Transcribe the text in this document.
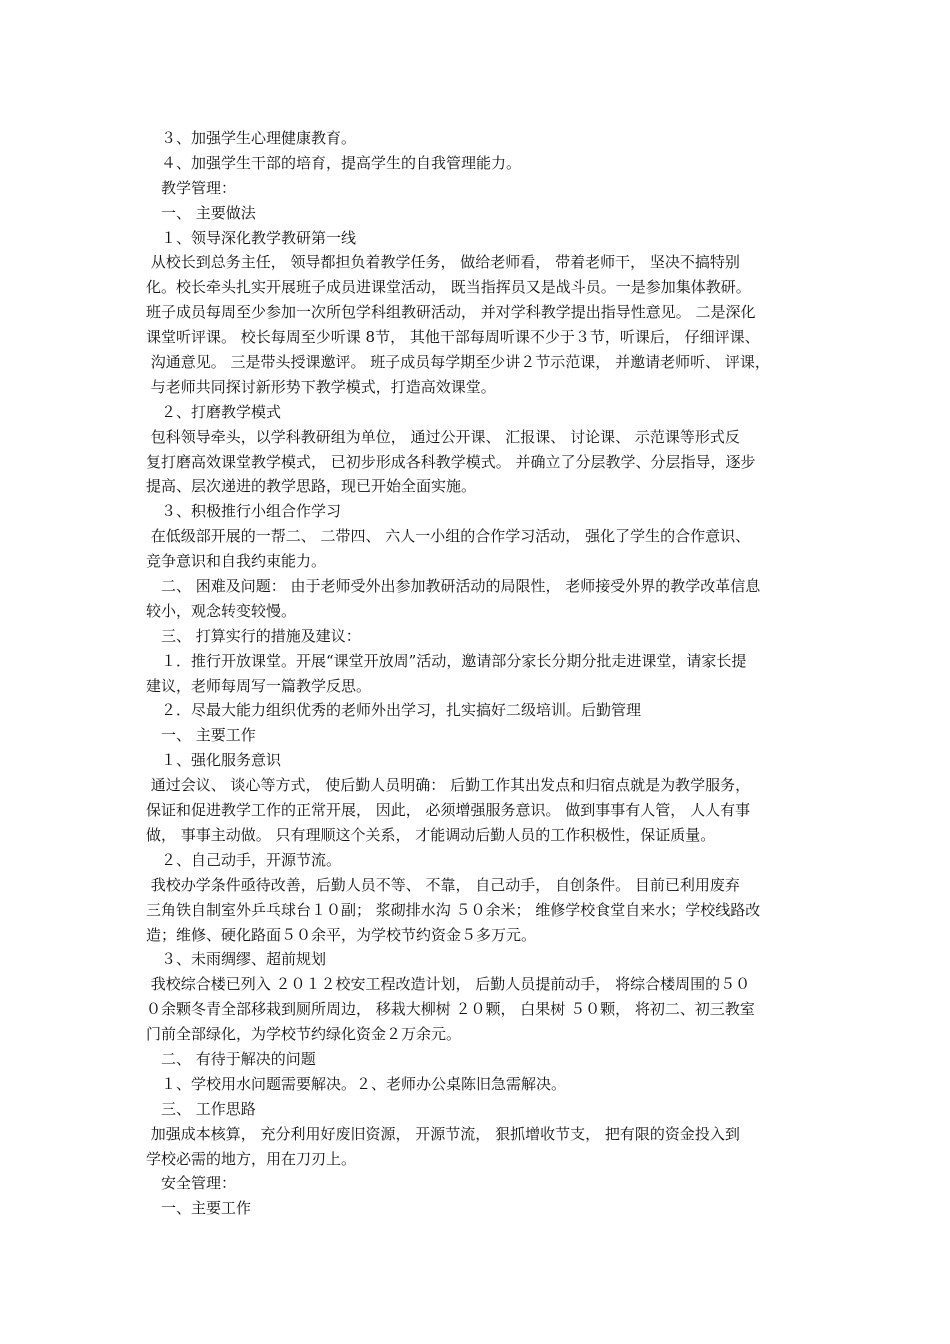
　３、加强学生心理健康教育。
　４、加强学生干部的培育，提高学生的自我管理能力。
　教学管理：
　一、 主要做法
　１、领导深化教学教研第一线
从校长到总务主任， 领导都担负着教学任务， 做给老师看， 带着老师干， 坚决不搞特别
化。校长牵头扎实开展班子成员进课堂活动， 既当指挥员又是战斗员。一是参加集体教研。
班子成员每周至少参加一次所包学科组教研活动， 并对学科教学提出指导性意见。 二是深化
课堂听评课。 校长每周至少听课 8节， 其他干部每周听课不少于３节，听课后， 仔细评课、
沟通意见。 三是带头授课邀评。 班子成员每学期至少讲２节示范课， 并邀请老师听、 评课，
与老师共同探讨新形势下教学模式，打造高效课堂。
　２、打磨教学模式
包科领导牵头，以学科教研组为单位， 通过公开课、 汇报课、 讨论课、 示范课等形式反
复打磨高效课堂教学模式， 已初步形成各科教学模式。 并确立了分层教学、分层指导，逐步
提高、层次递进的教学思路，现已开始全面实施。
　３、积极推行小组合作学习
在低级部开展的一帮二、 二带四、 六人一小组的合作学习活动， 强化了学生的合作意识、
竞争意识和自我约束能力。
　二、 困难及问题： 由于老师受外出参加教研活动的局限性， 老师接受外界的教学改革信息
较小，观念转变较慢。
　三、 打算实行的措施及建议：
　１．推行开放课堂。开展“课堂开放周”活动，邀请部分家长分期分批走进课堂，请家长提
建议，老师每周写一篇教学反思。
　２．尽最大能力组织优秀的老师外出学习，扎实搞好二级培训。后勤管理
　一、 主要工作
　１、强化服务意识
通过会议、 谈心等方式， 使后勤人员明确： 后勤工作其出发点和归宿点就是为教学服务，
保证和促进教学工作的正常开展， 因此， 必须增强服务意识。 做到事事有人管， 人人有事
做， 事事主动做。 只有理顺这个关系， 才能调动后勤人员的工作积极性，保证质量。
　２、自己动手，开源节流。
我校办学条件亟待改善，后勤人员不等、 不靠， 自己动手， 自创条件。 目前已利用废弃
三角铁自制室外乒乓球台１０副； 浆砌排水沟 ５０余米； 维修学校食堂自来水；学校线路改
造；维修、硬化路面５０余平，为学校节约资金５多万元。
　３、未雨绸缪、超前规划
我校综合楼已列入 ２０１２校安工程改造计划， 后勤人员提前动手， 将综合楼周围的５０
０余颗冬青全部移栽到厕所周边， 移栽大柳树 ２０颗， 白果树 ５０颗， 将初二、初三教室
门前全部绿化，为学校节约绿化资金２万余元。
　二、 有待于解决的问题
　１、学校用水问题需要解决。２、老师办公桌陈旧急需解决。
　三、 工作思路
加强成本核算， 充分利用好废旧资源， 开源节流， 狠抓增收节支， 把有限的资金投入到
学校必需的地方，用在刀刃上。
　安全管理：
　一、主要工作
